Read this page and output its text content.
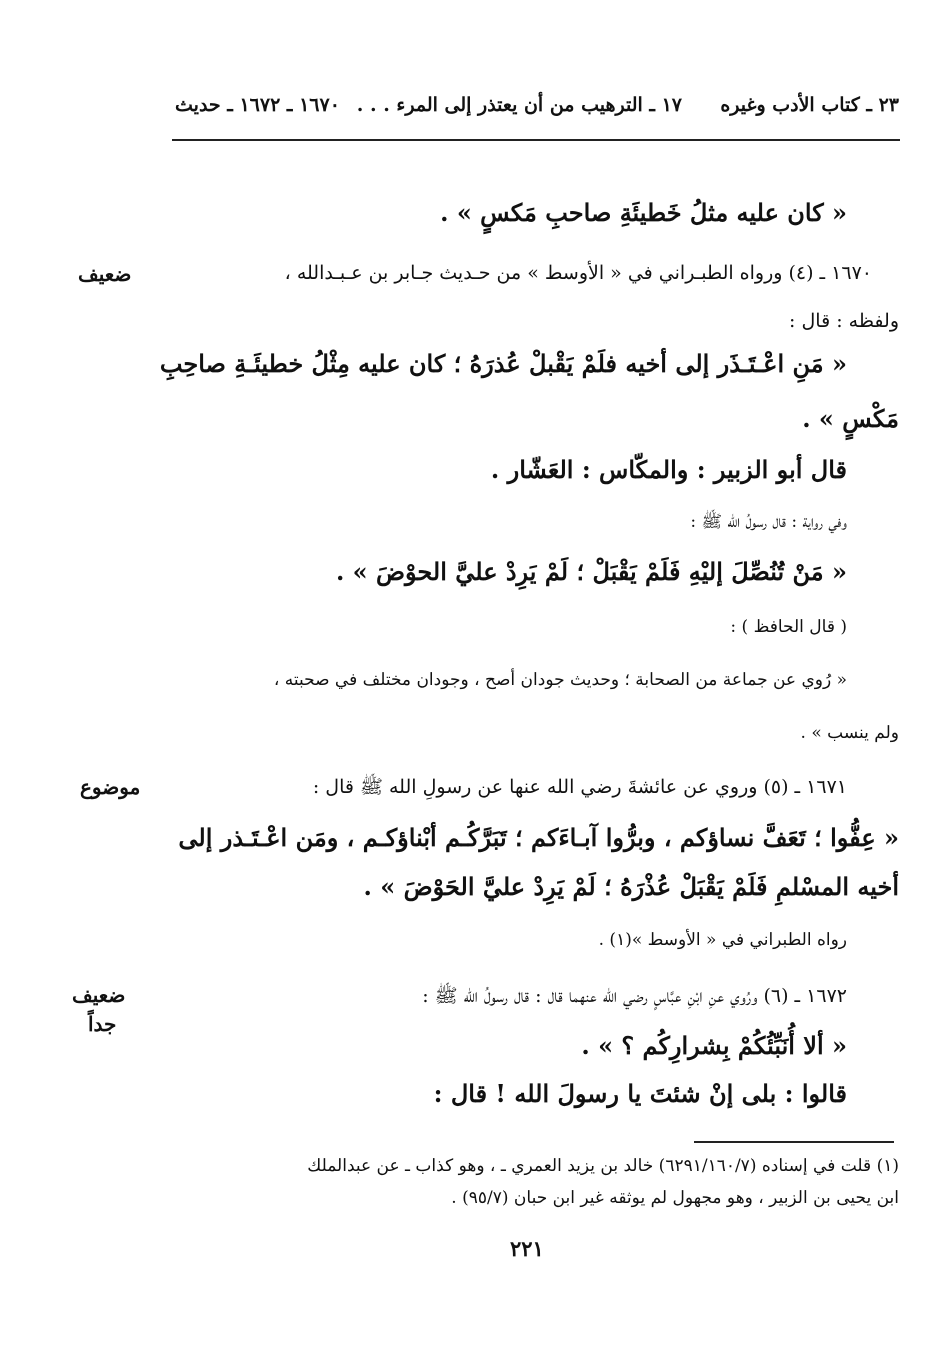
٢٣ ـ كتاب الأدب وغيره
١٧ ـ الترهيب من أن يعتذر إلى المرء . . .
١٦٧٠ ـ ١٦٧٢ ـ حديث
« كان عليه مثلُ خَطيئَةِ صاحبِ مَكسٍ » .
١٦٧٠ ـ (٤) ورواه الطبـراني في « الأوسط » من حـديث جـابر بن عـبـدالله ،
ولفظه : قال :
« مَنِ اعْـتَـذَر إلى أخيه فلَمْ يَقْبلْ عُذرَهُ ؛ كان عليه مِثْلُ خطيئَـةِ صاحِبِ
مَكْسٍ » .
قال أبو الزبير : والمكّاس : العَشّار .
وفي رواية : قال رسولُ الله ﷺ :
« مَنْ تُنُصِّلَ إليْهِ فَلَمْ يَقْبَلْ ؛ لَمْ يَرِدْ عليَّ الحوْضَ » .
( قال الحافظ ) :
« رُوي عن جماعة من الصحابة ؛ وحديث جودان أصح ، وجودان مختلف في صحبته ،
ولم ينسب » .
١٦٧١ ـ (٥) وروي عن عائشةَ رضي الله عنها عن رسولِ الله ﷺ قال :
« عِفُّوا ؛ تَعَفَّ نساؤكم ، وبرُّوا آبـاءَكم ؛ تَبَرَّكُـم أبْناؤكـم ، ومَن اعْـتَـذر إلى
أخيه المسْلمِ فَلَمْ يَقْبَلْ عُذْرَهُ ؛ لَمْ يَرِدْ عليَّ الحَوْضَ » .
رواه الطبراني في « الأوسط »(١) .
١٦٧٢ ـ (٦) ورُوي عنِ ابْنِ عبَّاسٍ رضي الله عنهما قال : قال رسولُ الله ﷺ :
« ألا أُنَبِّئُكُمْ بِشرارِكُم ؟ » .
قالوا : بلى إنْ شئتَ يا رسولَ الله ! قال :
ضعيف
موضوع
ضعيف
جداً
(١) قلت في إسناده (٦٢٩١/١٦٠/٧) خالد بن يزيد العمري ـ ، وهو كذاب ـ عن عبدالملك
ابن يحيى بن الزبير ، وهو مجهول لم يوثقه غير ابن حبان (٩٥/٧) .
٢٢١
